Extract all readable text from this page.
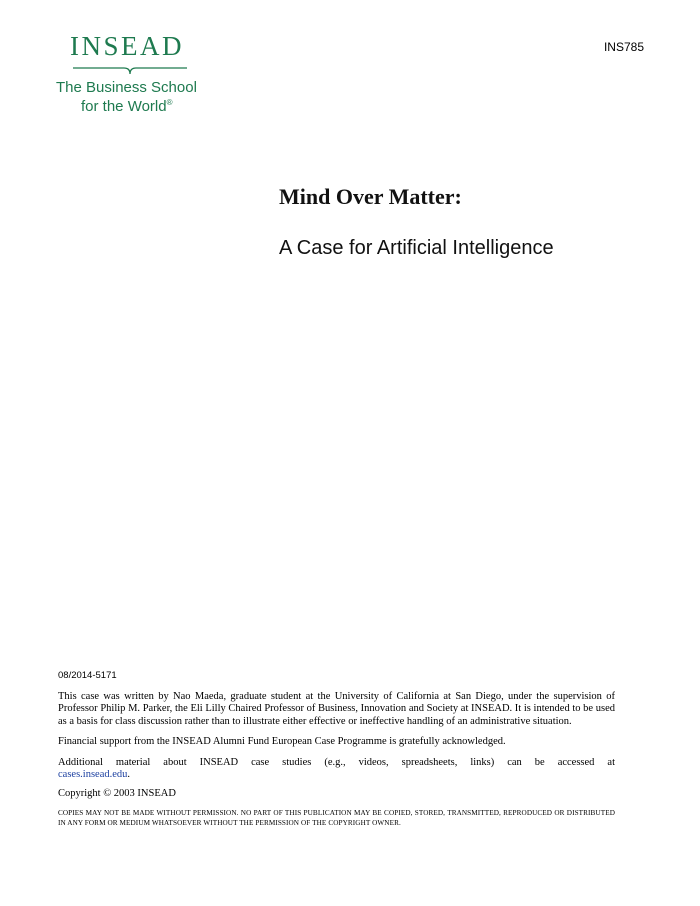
INSEAD
The Business School
for the World®
INS785
Mind Over Matter:
A Case for Artificial Intelligence
08/2014-5171

This case was written by Nao Maeda, graduate student at the University of California at San Diego, under the supervision of Professor Philip M. Parker, the Eli Lilly Chaired Professor of Business, Innovation and Society at INSEAD. It is intended to be used as a basis for class discussion rather than to illustrate either effective or ineffective handling of an administrative situation.

Financial support from the INSEAD Alumni Fund European Case Programme is gratefully acknowledged.

Additional material about INSEAD case studies (e.g., videos, spreadsheets, links) can be accessed at

cases.insead.edu.
Copyright © 2003 INSEAD

COPIES MAY NOT BE MADE WITHOUT PERMISSION. NO PART OF THIS PUBLICATION MAY BE COPIED, STORED, TRANSMITTED, REPRODUCED OR DISTRIBUTED IN ANY FORM OR MEDIUM WHATSOEVER WITHOUT THE PERMISSION OF THE COPYRIGHT OWNER.
